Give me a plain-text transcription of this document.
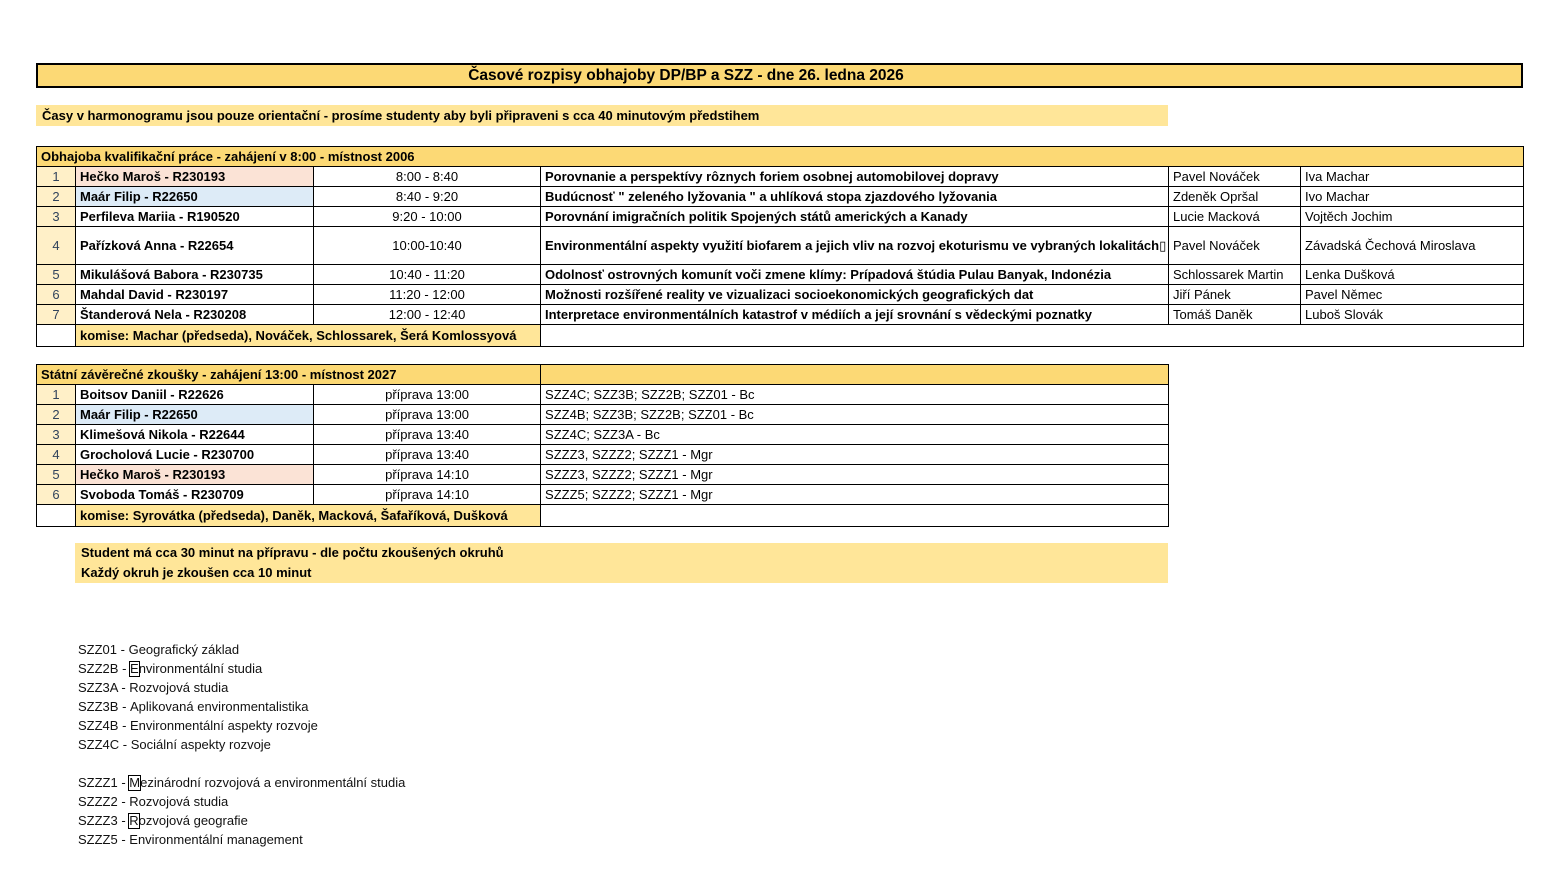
Časové rozpisy obhajoby DP/BP a SZZ - dne 26. ledna 2026
Časy v harmonogramu jsou pouze orientační - prosíme studenty aby byli připraveni s cca 40 minutovým předstihem
Obhajoba kvalifikační práce - zahájení v 8:00 - místnost 2006					
1	Hečko Maroš - R230193	8:00 - 8:40	Porovnanie a perspektívy rôznych foriem osobnej automobilovej dopravy	Pavel Nováček	Iva Machar
2	Maár Filip - R22650	8:40 - 9:20	Budúcnosť " zeleného lyžovania " a uhlíková stopa zjazdového lyžovania	Zdeněk Opršal	Ivo Machar
3	Perfileva Mariia - R190520	9:20 - 10:00	Porovnání imigračních politik Spojených států amerických a Kanady	Lucie Macková	Vojtěch Jochim
4	Pařízková Anna - R22654	10:00-10:40	Environmentální aspekty využití biofarem a jejich vliv na rozvoj ekoturismu ve vybraných lokalitách▯	Pavel Nováček	Závadská Čechová Miroslava
5	Mikulášová Babora - R230735	10:40 - 11:20	Odolnosť ostrovných komunít voči zmene klímy: Prípadová štúdia Pulau Banyak, Indonézia	Schlossarek Martin	Lenka Dušková
6	Mahdal David - R230197	11:20 - 12:00	Možnosti rozšířené reality ve vizualizaci socioekonomických geografických dat	Jiří Pánek	Pavel Němec
7	Štanderová Nela - R230208	12:00 - 12:40	Interpretace environmentálních katastrof v médiích a její srovnání s vědeckými poznatky	Tomáš Daněk	Luboš Slovák
	komise: Machar (předseda), Nováček, Schlossarek, Šerá Komlossyová				
Státní závěrečné zkoušky - zahájení 13:00 - místnost 2027			
1	Boitsov Daniil - R22626	příprava 13:00	SZZ4C; SZZ3B; SZZ2B; SZZ01 - Bc
2	Maár Filip - R22650	příprava 13:00	SZZ4B; SZZ3B; SZZ2B; SZZ01 - Bc
3	Klimešová Nikola - R22644	příprava 13:40	SZZ4C; SZZ3A - Bc
4	Grocholová Lucie - R230700	příprava 13:40	SZZZ3, SZZZ2; SZZZ1 - Mgr
5	Hečko Maroš - R230193	příprava 14:10	SZZZ3, SZZZ2; SZZZ1 - Mgr
6	Svoboda Tomáš - R230709	příprava 14:10	SZZZ5; SZZZ2; SZZZ1 - Mgr
	komise: Syrovátka (předseda), Daněk, Macková, Šafaříková, Dušková		
Student má cca 30 minut na přípravu - dle počtu zkoušených okruhů
Každý okruh je zkoušen cca 10 minut
SZZ01 - Geografický základ
SZZ2B - Environmentální studia
SZZ3A - Rozvojová studia
SZZ3B - Aplikovaná environmentalistika
SZZ4B - Environmentální aspekty rozvoje
SZZ4C - Sociální aspekty rozvoje
SZZZ1 - Mezinárodní rozvojová a environmentální studia
SZZZ2 - Rozvojová studia
SZZZ3 - Rozvojová geografie
SZZZ5 - Environmentální management
